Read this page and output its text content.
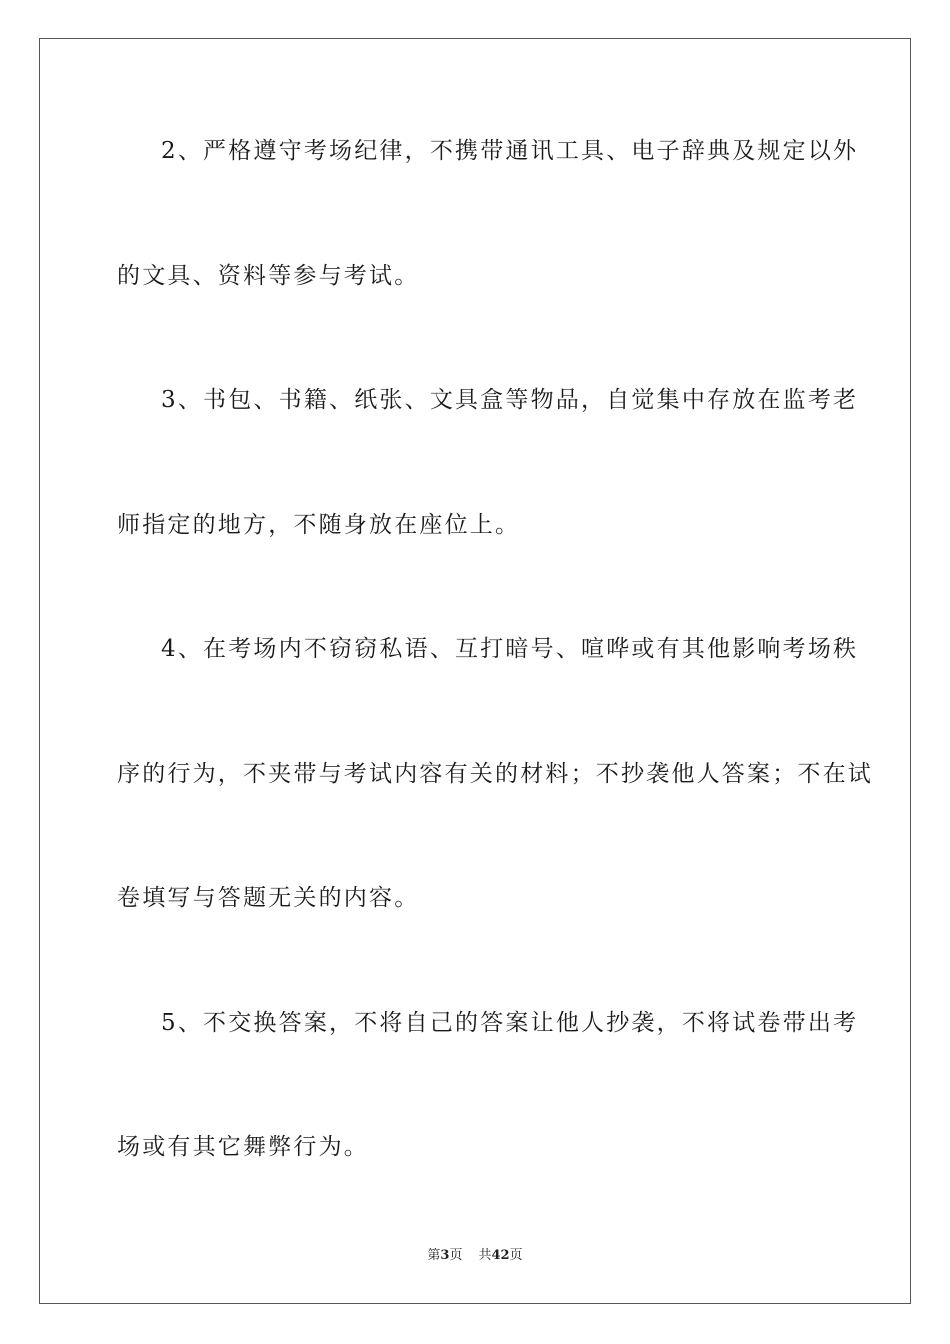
2、严格遵守考场纪律，不携带通讯工具、电子辞典及规定以外
的文具、资料等参与考试。
3、书包、书籍、纸张、文具盒等物品，自觉集中存放在监考老
师指定的地方，不随身放在座位上。
4、在考场内不窃窃私语、互打暗号、喧哗或有其他影响考场秩
序的行为，不夹带与考试内容有关的材料；不抄袭他人答案；不在试
卷填写与答题无关的内容。
5、不交换答案，不将自己的答案让他人抄袭，不将试卷带出考
场或有其它舞弊行为。
第3页 共42页
